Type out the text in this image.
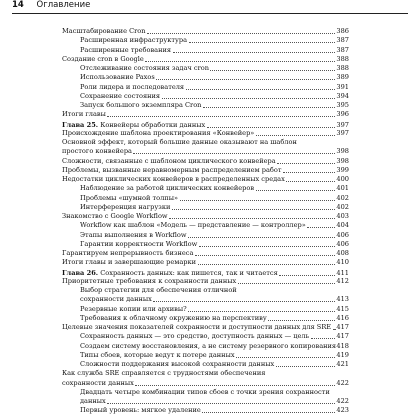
14 Оглавление
Масштабирование Cron	386
Расширенная инфраструктура	387
Расширенные требования	387
Создание cron в Google	388
Отслеживание состояния задач cron	388
Использование Paxos	389
Роли лидера и последователя	391
Сохранение состояния	394
Запуск большого экземпляра Cron	395
Итоги главы	396
Глава 25. Конвейеры обработки данных	397
Происхождение шаблона проектирования «Конвейер»	397
Основной эффект, который большие данные оказывают на шаблон
простого конвейера	398
Сложности, связанные с шаблоном циклического конвейера	398
Проблемы, вызванные неравномерным распределением работ	399
Недостатки циклических конвейеров в распределенных средах	400
Наблюдение за работой циклических конвейеров	401
Проблемы «шумной толпы»	402
Интерференция нагрузки	402
Знакомство с Google Workflow	403
Workflow как шаблон «Модель — представление — контроллер»	404
Этапы выполнения в Workflow	406
Гарантии корректности Workflow	406
Гарантируем непрерывность бизнеса	408
Итоги главы и завершающие ремарки	410
Глава 26. Сохранность данных: как пишется, так и читается	411
Приоритетные требования к сохранности данных	412
Выбор стратегии для обеспечения отличной
сохранности данных	413
Резервные копии или архивы?	415
Требования к облачному окружению на перспективу	416
Целевые значения показателей сохранности и доступности данных для SRE 417
Сохранность данных — это средство, доступность данных — цель	417
Создаем систему восстановления, а не систему резервного копирования 418
Типы сбоев, которые ведут к потере данных	419
Сложности поддержания высокой сохранности данных	421
Как служба SRE справляется с трудностями обеспечения
сохранности данных	422
Двадцать четыре комбинации типов сбоев с точки зрения сохранности
данных	422
Первый уровень: мягкое удаление	423
